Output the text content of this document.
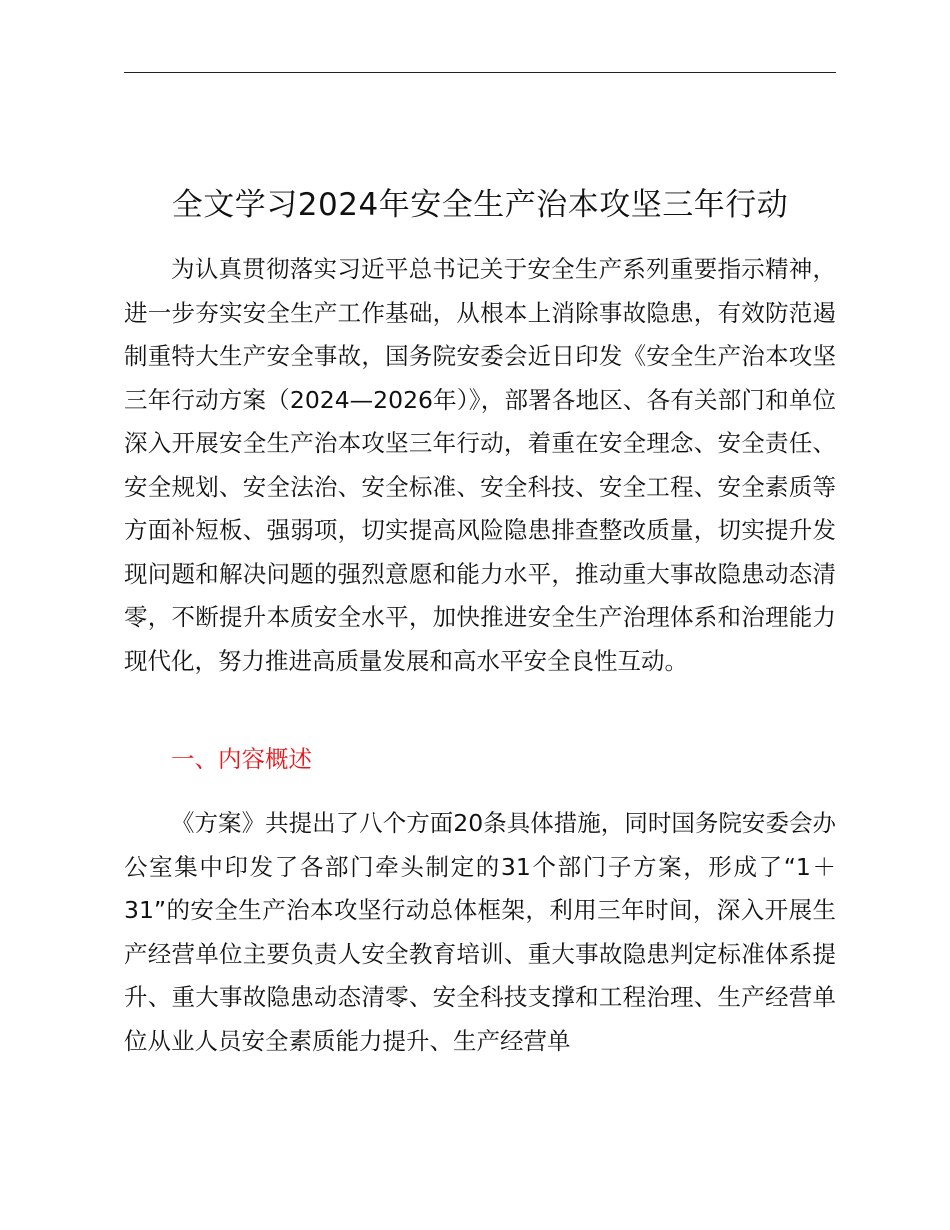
全文学习2024年安全生产治本攻坚三年行动

为认真贯彻落实习近平总书记关于安全生产系列重要指示精神，进一步夯实安全生产工作基础，从根本上消除事故隐患，有效防范遏制重特大生产安全事故，国务院安委会近日印发《安全生产治本攻坚三年行动方案（2024—2026年）》，部署各地区、各有关部门和单位深入开展安全生产治本攻坚三年行动，着重在安全理念、安全责任、安全规划、安全法治、安全标准、安全科技、安全工程、安全素质等方面补短板、强弱项，切实提高风险隐患排查整改质量，切实提升发现问题和解决问题的强烈意愿和能力水平，推动重大事故隐患动态清零，不断提升本质安全水平，加快推进安全生产治理体系和治理能力现代化，努力推进高质量发展和高水平安全良性互动。

一、内容概述

《方案》共提出了八个方面20条具体措施，同时国务院安委会办公室集中印发了各部门牵头制定的31个部门子方案，形成了“1＋31”的安全生产治本攻坚行动总体框架，利用三年时间，深入开展生产经营单位主要负责人安全教育培训、重大事故隐患判定标准体系提升、重大事故隐患动态清零、安全科技支撑和工程治理、生产经营单位从业人员安全素质能力提升、生产经营单
